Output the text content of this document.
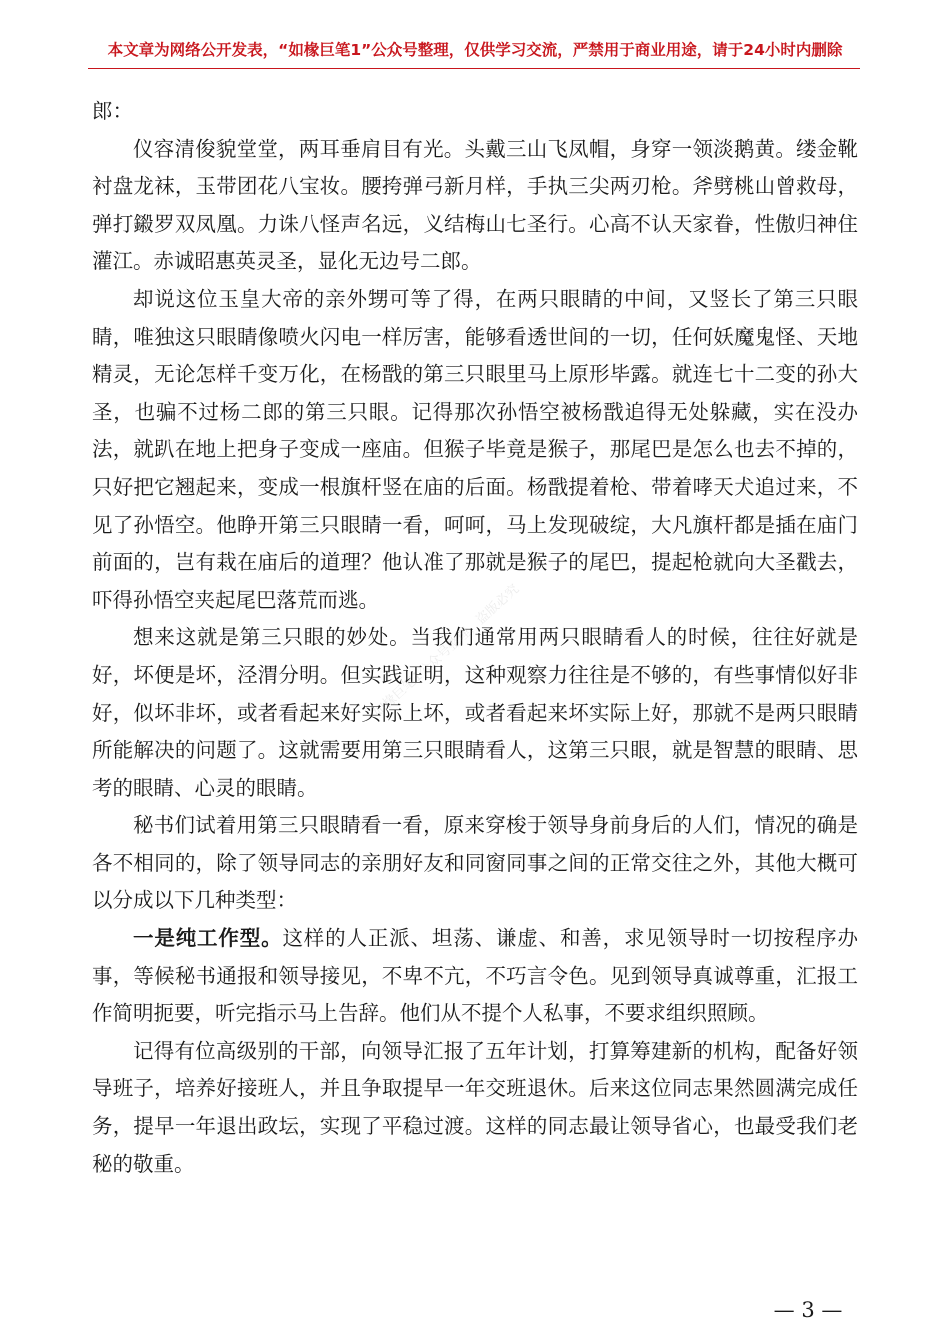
本文章为网络公开发表，“如椽巨笔1”公众号整理，仅供学习交流，严禁用于商业用途，请于24小时内删除

郎：

仪容清俊貌堂堂，两耳垂肩目有光。头戴三山飞凤帽，身穿一领淡鹅黄。缕金靴衬盘龙袜，玉带团花八宝妆。腰挎弹弓新月样，手执三尖两刃枪。斧劈桃山曾救母，弹打鎩罗双凤凰。力诛八怪声名远，义结梅山七圣行。心高不认天家眷，性傲归神住灌江。赤诚昭惠英灵圣，显化无边号二郎。

却说这位玉皇大帝的亲外甥可等了得，在两只眼睛的中间，又竖长了第三只眼睛，唯独这只眼睛像喷火闪电一样厉害，能够看透世间的一切，任何妖魔鬼怪、天地精灵，无论怎样千变万化，在杨戬的第三只眼里马上原形毕露。就连七十二变的孙大圣，也骗不过杨二郎的第三只眼。记得那次孙悟空被杨戬追得无处躲藏，实在没办法，就趴在地上把身子变成一座庙。但猴子毕竟是猴子，那尾巴是怎么也去不掉的，只好把它翘起来，变成一根旗杆竖在庙的后面。杨戬提着枪、带着哮天犬追过来，不见了孙悟空。他睁开第三只眼睛一看，呵呵，马上发现破绽，大凡旗杆都是插在庙门前面的，岂有栽在庙后的道理？他认准了那就是猴子的尾巴，提起枪就向大圣戳去，吓得孙悟空夹起尾巴落荒而逃。

想来这就是第三只眼的妙处。当我们通常用两只眼睛看人的时候，往往好就是好，坏便是坏，泾渭分明。但实践证明，这种观察力往往是不够的，有些事情似好非好，似坏非坏，或者看起来好实际上坏，或者看起来坏实际上好，那就不是两只眼睛所能解决的问题了。这就需要用第三只眼睛看人，这第三只眼，就是智慧的眼睛、思考的眼睛、心灵的眼睛。

秘书们试着用第三只眼睛看一看，原来穿梭于领导身前身后的人们，情况的确是各不相同的，除了领导同志的亲朋好友和同窗同事之间的正常交往之外，其他大概可以分成以下几种类型：

一是纯工作型。这样的人正派、坦荡、谦虚、和善，求见领导时一切按程序办事，等候秘书通报和领导接见，不卑不亢，不巧言令色。见到领导真诚尊重，汇报工作简明扼要，听完指示马上告辞。他们从不提个人私事，不要求组织照顾。

记得有位高级别的干部，向领导汇报了五年计划，打算筹建新的机构，配备好领导班子，培养好接班人，并且争取提早一年交班退休。后来这位同志果然圆满完成任务，提早一年退出政坛，实现了平稳过渡。这样的同志最让领导省心，也最受我们老秘的敬重。

如椽巨笔1公众号整理，盗版必究
— 3 —
